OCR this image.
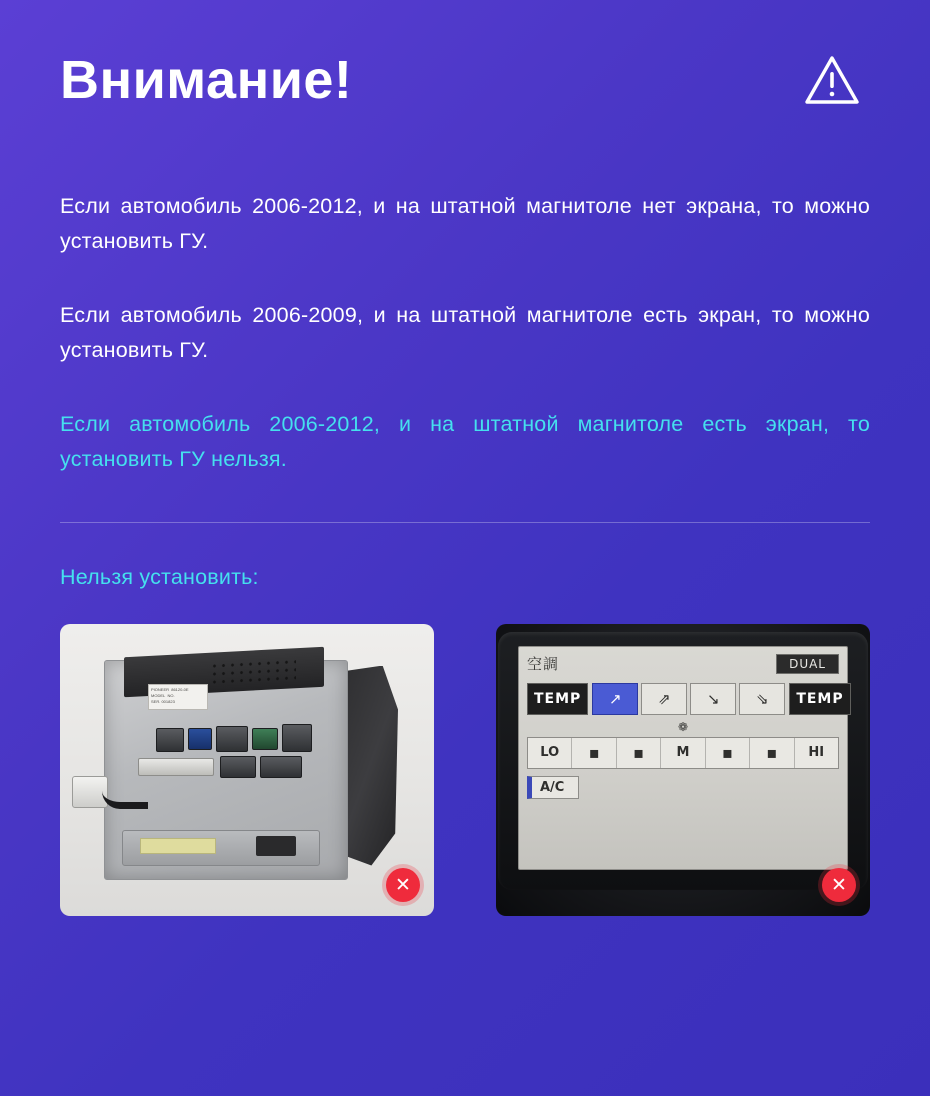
Внимание!

Если автомобиль 2006-2012, и на штатной магнитоле нет экрана, то можно установить ГУ.

Если автомобиль 2006-2009, и на штатной магнитоле есть экран, то можно установить ГУ.

Если автомобиль 2006-2012, и на штатной магнитоле есть экран, то установить ГУ нельзя.

Нельзя установить:
PIONEER  86120-0E
MODEL  NO.
SER. 001823
✕
空調	DUAL
TEMP	↗	⇗	↘	⇘	TEMP
❁
LO	▪	▪	M	▪	▪	HI
A/C
✕
